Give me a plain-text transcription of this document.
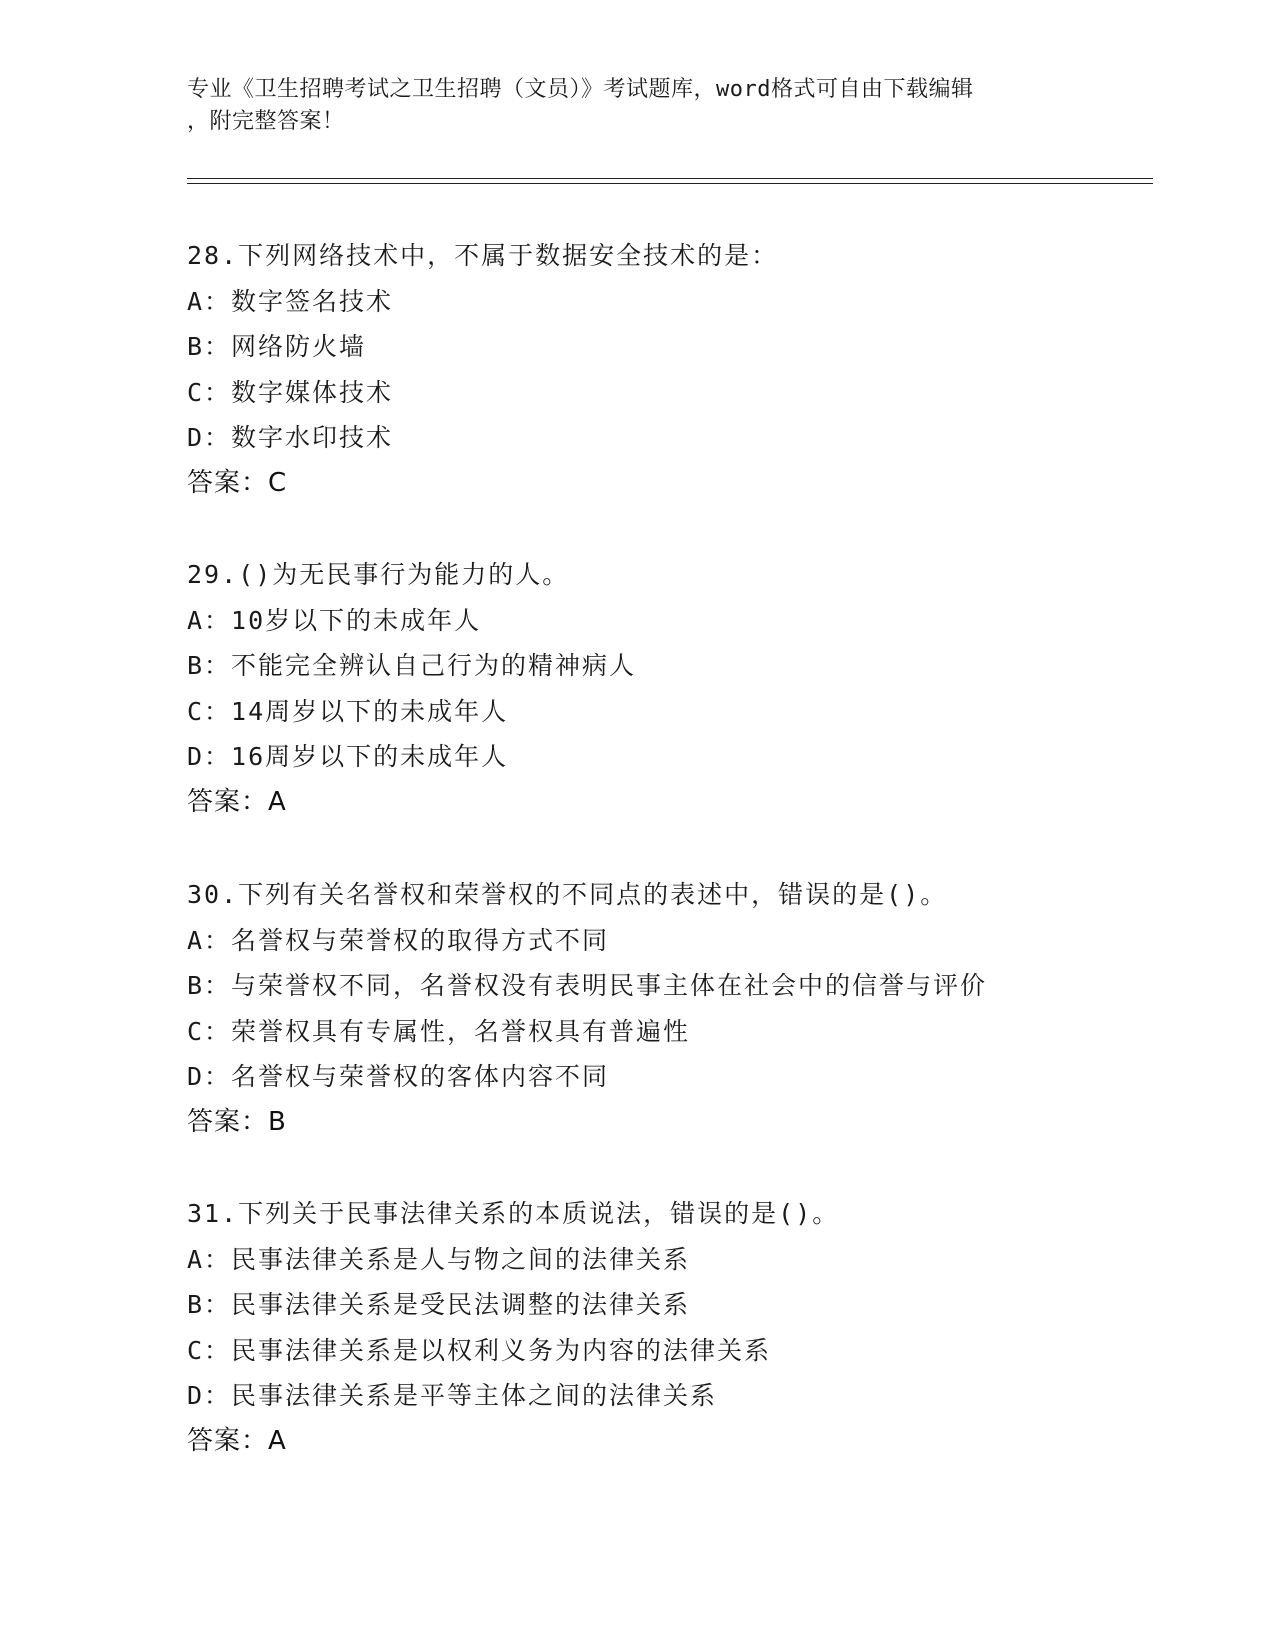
专业《卫生招聘考试之卫生招聘（文员）》考试题库，word格式可自由下载编辑
，附完整答案！
28.下列网络技术中，不属于数据安全技术的是：
A：数字签名技术
B：网络防火墙
C：数字媒体技术
D：数字水印技术
答案：C
29.()为无民事行为能力的人。
A：10岁以下的未成年人
B：不能完全辨认自己行为的精神病人
C：14周岁以下的未成年人
D：16周岁以下的未成年人
答案：A
30.下列有关名誉权和荣誉权的不同点的表述中，错误的是()。
A：名誉权与荣誉权的取得方式不同
B：与荣誉权不同，名誉权没有表明民事主体在社会中的信誉与评价
C：荣誉权具有专属性，名誉权具有普遍性
D：名誉权与荣誉权的客体内容不同
答案：B
31.下列关于民事法律关系的本质说法，错误的是()。
A：民事法律关系是人与物之间的法律关系
B：民事法律关系是受民法调整的法律关系
C：民事法律关系是以权利义务为内容的法律关系
D：民事法律关系是平等主体之间的法律关系
答案：A
